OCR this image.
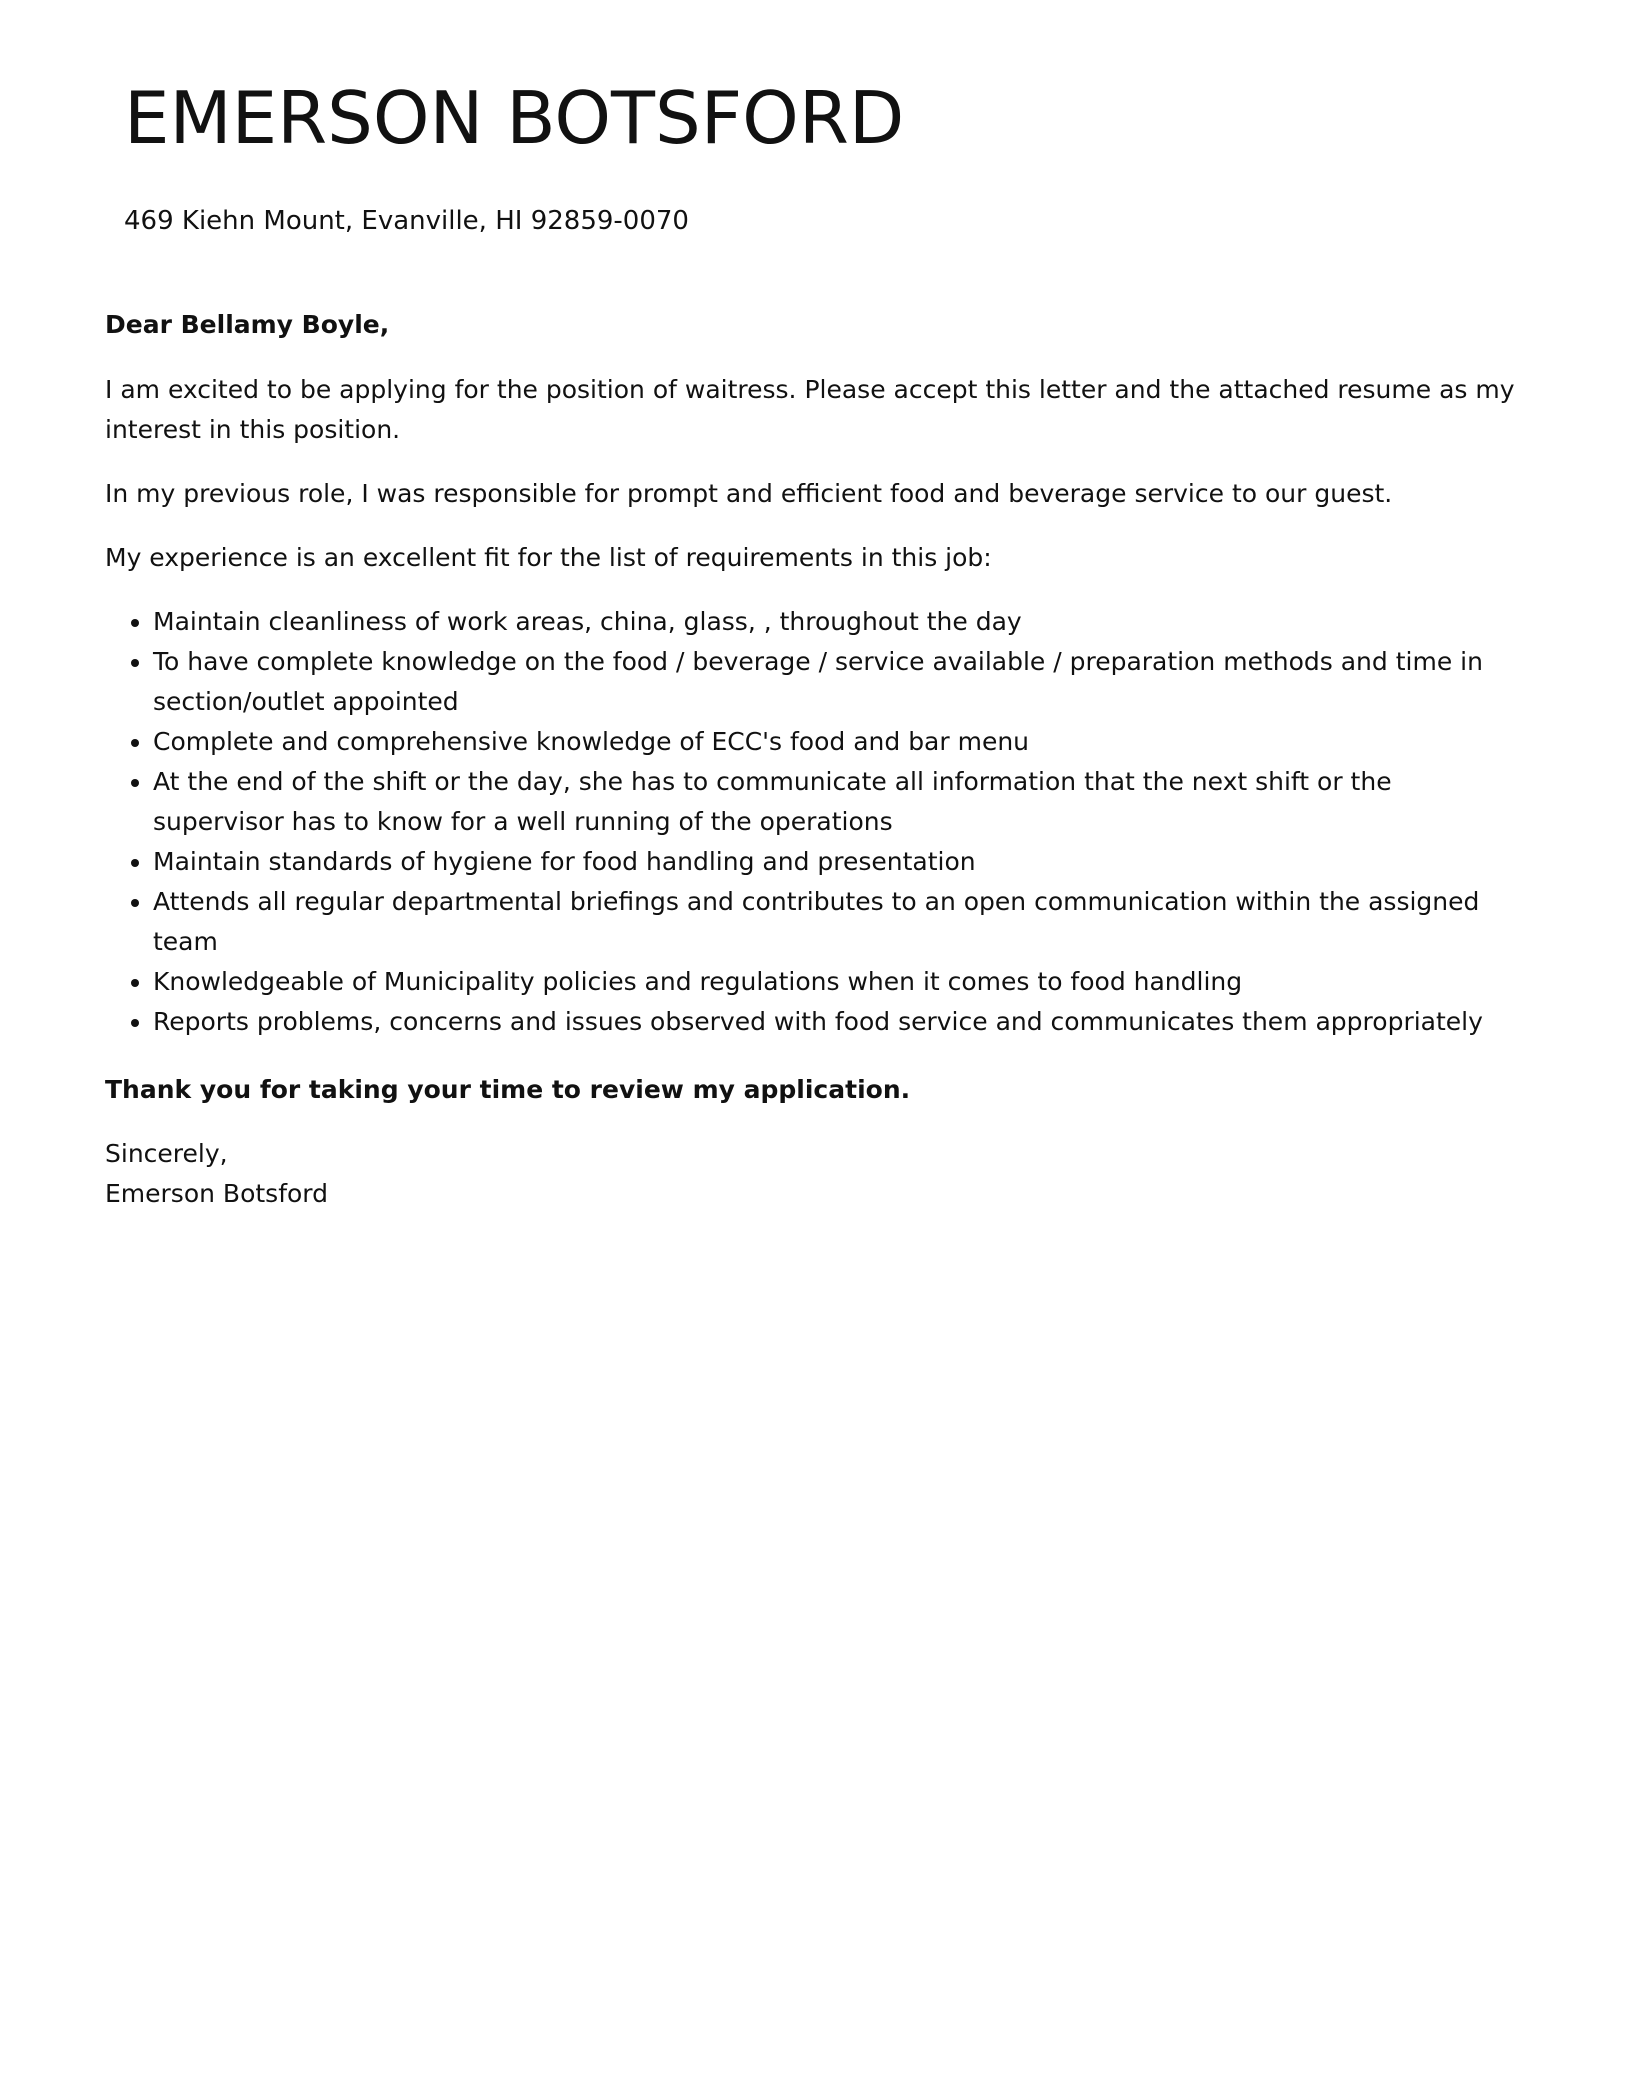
EMERSON BOTSFORD

469 Kiehn Mount, Evanville, HI 92859-0070

Dear Bellamy Boyle,

I am excited to be applying for the position of waitress. Please accept this letter and the attached resume as my interest in this position.

In my previous role, I was responsible for prompt and efficient food and beverage service to our guest.

My experience is an excellent fit for the list of requirements in this job:

• Maintain cleanliness of work areas, china, glass, , throughout the day
• To have complete knowledge on the food / beverage / service available / preparation methods and time in section/outlet appointed
• Complete and comprehensive knowledge of ECC's food and bar menu
• At the end of the shift or the day, she has to communicate all information that the next shift or the supervisor has to know for a well running of the operations
• Maintain standards of hygiene for food handling and presentation
• Attends all regular departmental briefings and contributes to an open communication within the assigned team
• Knowledgeable of Municipality policies and regulations when it comes to food handling
• Reports problems, concerns and issues observed with food service and communicates them appropriately

Thank you for taking your time to review my application.

Sincerely,
Emerson Botsford
